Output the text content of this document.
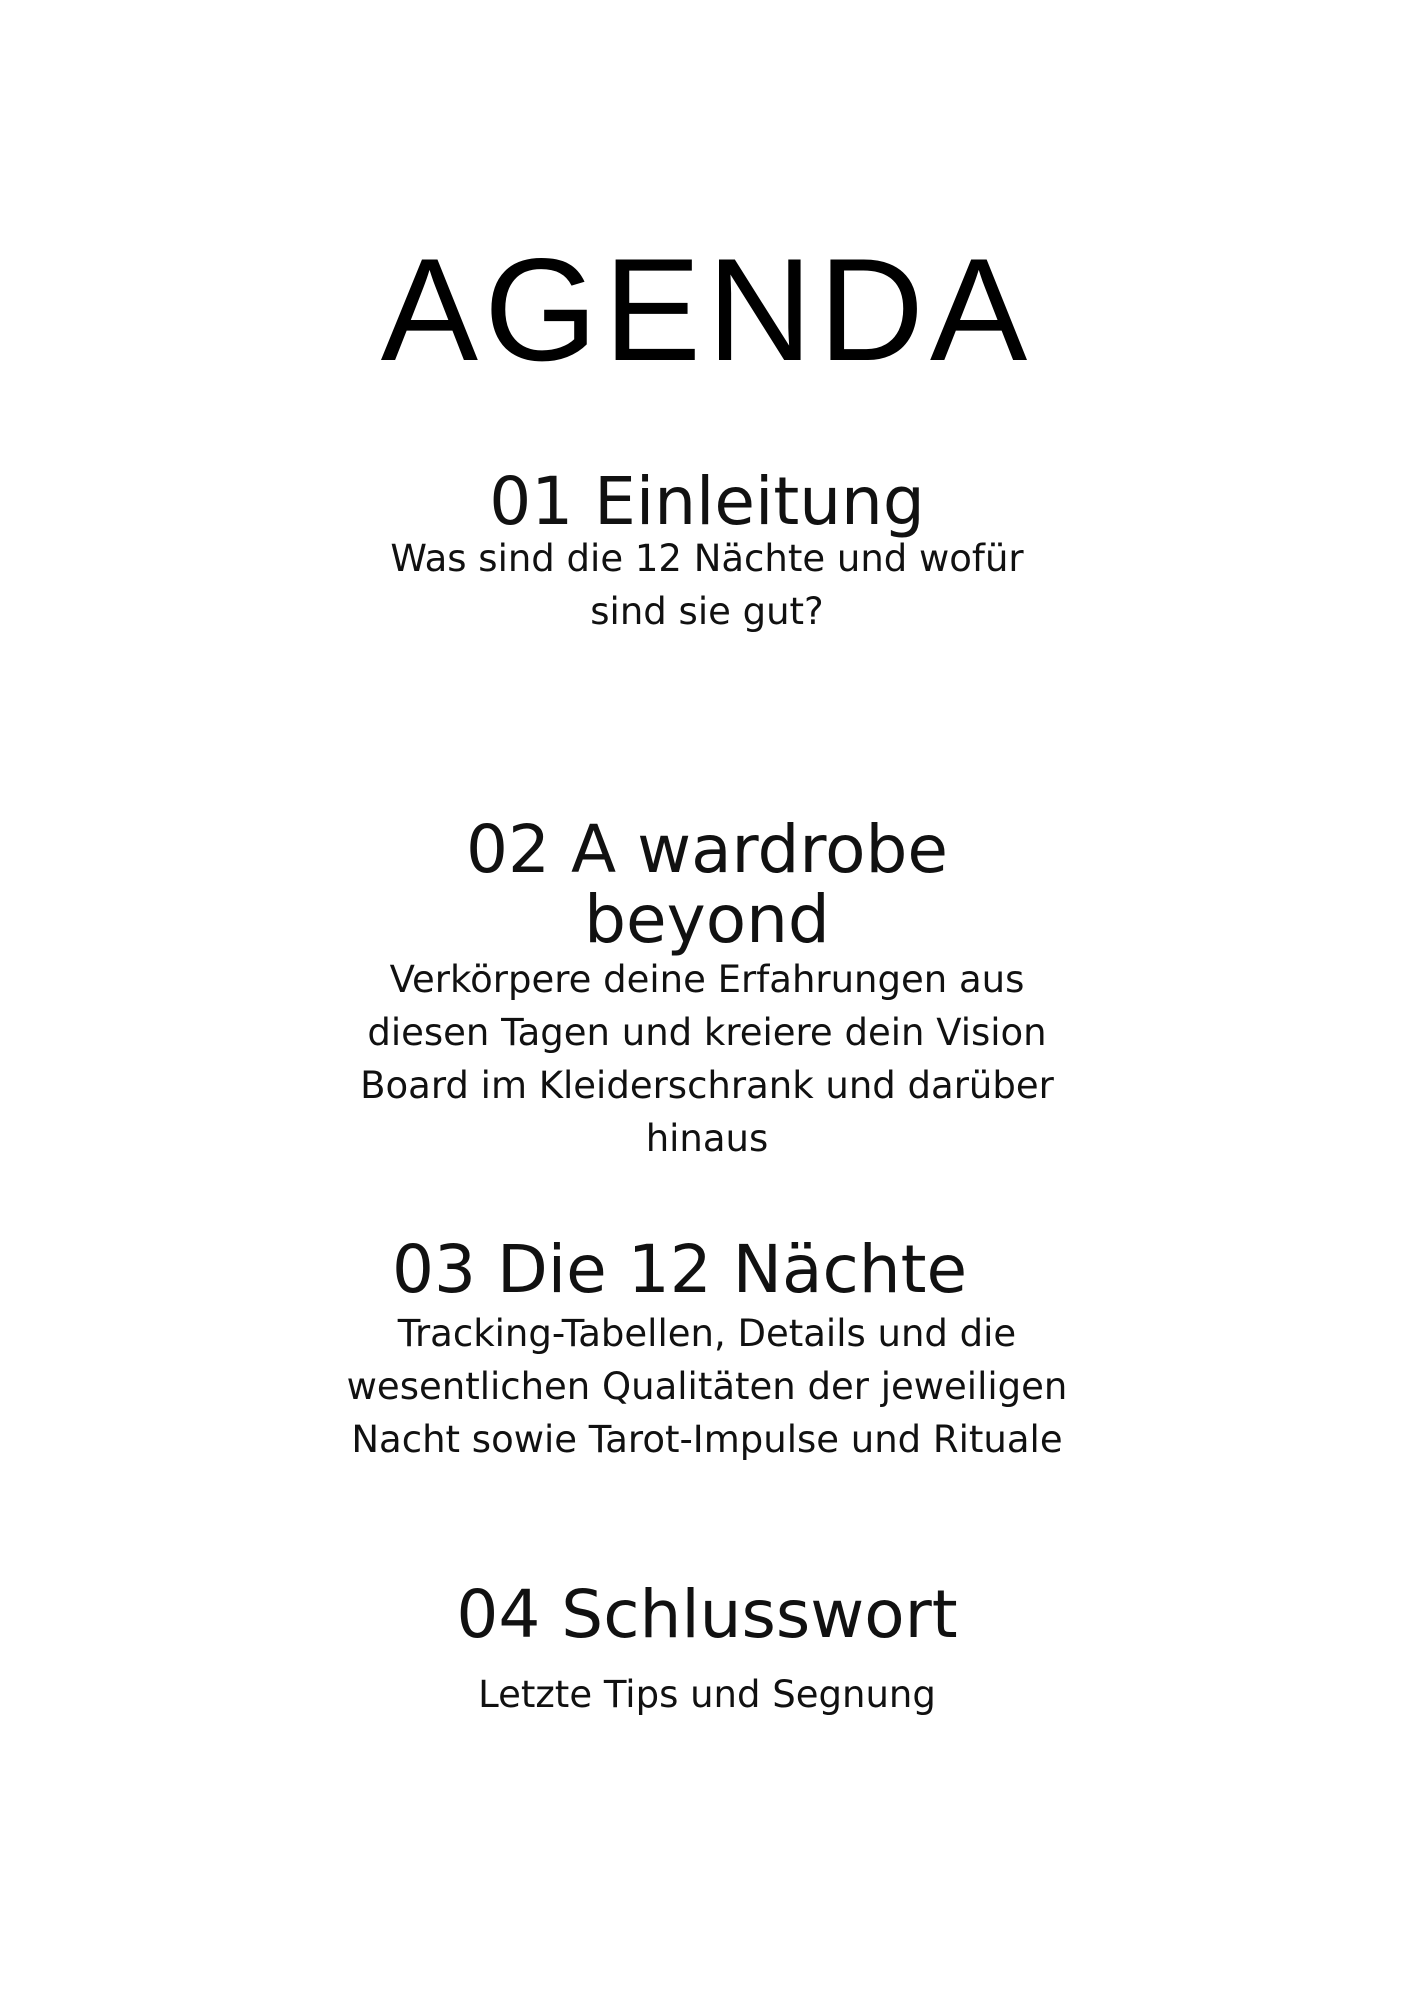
AGENDA
01 Einleitung
Was sind die 12 Nächte und wofür sind sie gut?
02 A wardrobe beyond
Verkörpere deine Erfahrungen aus diesen Tagen und kreiere dein Vision Board im Kleiderschrank und darüber hinaus
03 Die 12 Nächte
Tracking-Tabellen, Details und die wesentlichen Qualitäten der jeweiligen Nacht sowie Tarot-Impulse und Rituale
04 Schlusswort
Letzte Tips und Segnung
